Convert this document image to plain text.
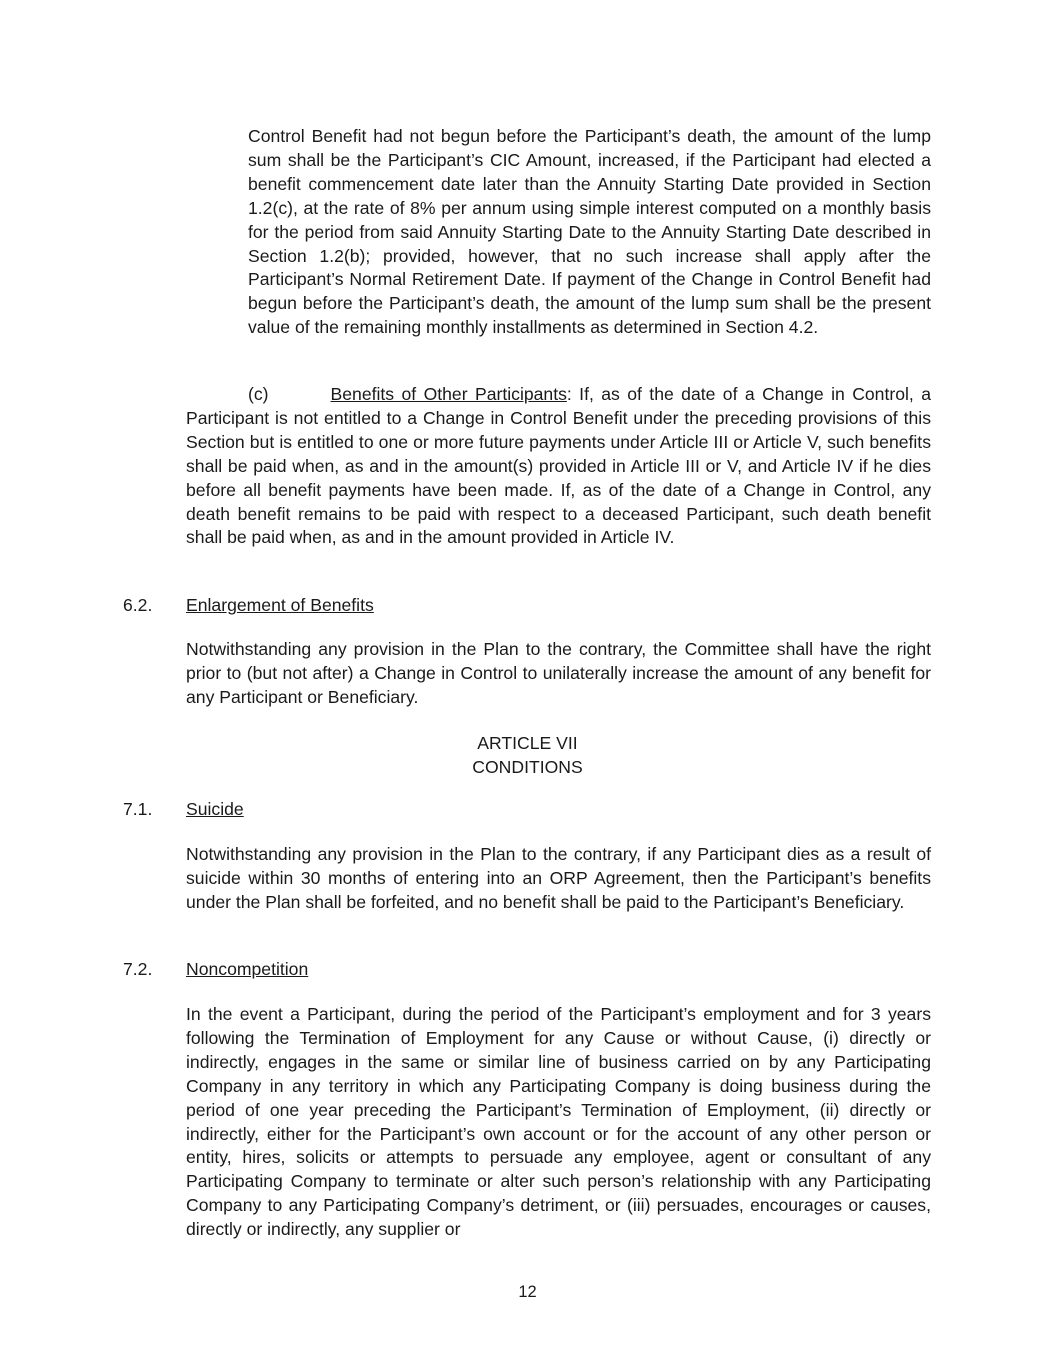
Control Benefit had not begun before the Participant’s death, the amount of the lump sum shall be the Participant’s CIC Amount, increased, if the Participant had elected a benefit commencement date later than the Annuity Starting Date provided in Section 1.2(c), at the rate of 8% per annum using simple interest computed on a monthly basis for the period from said Annuity Starting Date to the Annuity Starting Date described in Section 1.2(b); provided, however, that no such increase shall apply after the Participant’s Normal Retirement Date. If payment of the Change in Control Benefit had begun before the Participant’s death, the amount of the lump sum shall be the present value of the remaining monthly installments as determined in Section 4.2.

(c)	Benefits of Other Participants: If, as of the date of a Change in Control, a Participant is not entitled to a Change in Control Benefit under the preceding provisions of this Section but is entitled to one or more future payments under Article III or Article V, such benefits shall be paid when, as and in the amount(s) provided in Article III or V, and Article IV if he dies before all benefit payments have been made. If, as of the date of a Change in Control, any death benefit remains to be paid with respect to a deceased Participant, such death benefit shall be paid when, as and in the amount provided in Article IV.

6.2. Enlargement of Benefits

Notwithstanding any provision in the Plan to the contrary, the Committee shall have the right prior to (but not after) a Change in Control to unilaterally increase the amount of any benefit for any Participant or Beneficiary.

ARTICLE VII
CONDITIONS
7.1. Suicide

Notwithstanding any provision in the Plan to the contrary, if any Participant dies as a result of suicide within 30 months of entering into an ORP Agreement, then the Participant’s benefits under the Plan shall be forfeited, and no benefit shall be paid to the Participant’s Beneficiary.

7.2. Noncompetition

In the event a Participant, during the period of the Participant’s employment and for 3 years following the Termination of Employment for any Cause or without Cause, (i) directly or indirectly, engages in the same or similar line of business carried on by any Participating Company in any territory in which any Participating Company is doing business during the period of one year preceding the Participant’s Termination of Employment, (ii) directly or indirectly, either for the Participant’s own account or for the account of any other person or entity, hires, solicits or attempts to persuade any employee, agent or consultant of any Participating Company to terminate or alter such person’s relationship with any Participating Company to any Participating Company’s detriment, or (iii) persuades, encourages or causes, directly or indirectly, any supplier or

12
